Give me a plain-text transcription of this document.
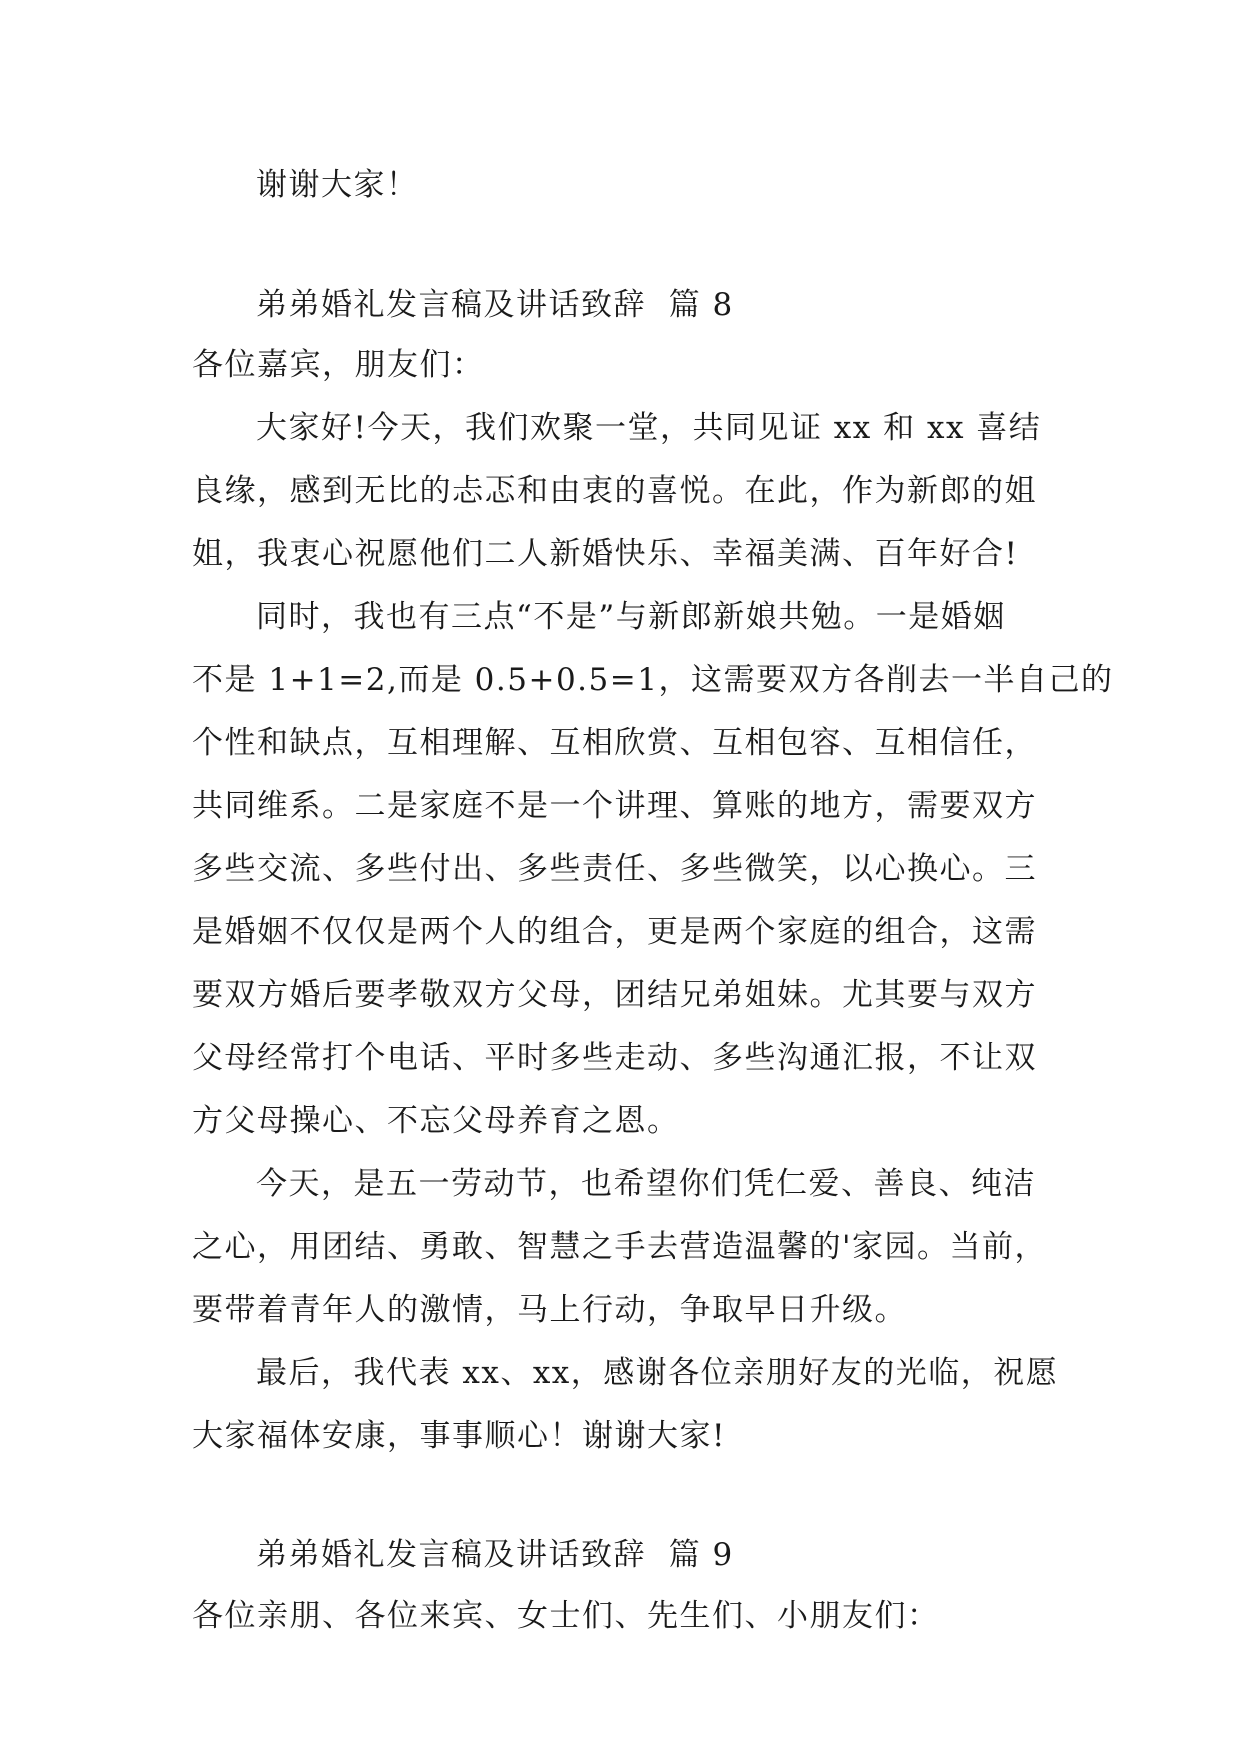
谢谢大家！
弟弟婚礼发言稿及讲话致辞  篇 8
各位嘉宾，朋友们：
大家好!今天，我们欢聚一堂，共同见证 xx 和 xx 喜结
良缘，感到无比的忐忑和由衷的喜悦。在此，作为新郎的姐
姐，我衷心祝愿他们二人新婚快乐、幸福美满、百年好合!
同时，我也有三点“不是”与新郎新娘共勉。一是婚姻
不是 1+1=2,而是 0.5+0.5=1，这需要双方各削去一半自己的
个性和缺点，互相理解、互相欣赏、互相包容、互相信任，
共同维系。二是家庭不是一个讲理、算账的地方，需要双方
多些交流、多些付出、多些责任、多些微笑，以心换心。三
是婚姻不仅仅是两个人的组合，更是两个家庭的组合，这需
要双方婚后要孝敬双方父母，团结兄弟姐妹。尤其要与双方
父母经常打个电话、平时多些走动、多些沟通汇报，不让双
方父母操心、不忘父母养育之恩。
今天，是五一劳动节，也希望你们凭仁爱、善良、纯洁
之心，用团结、勇敢、智慧之手去营造温馨的'家园。当前，
要带着青年人的激情，马上行动，争取早日升级。
最后，我代表 xx、xx，感谢各位亲朋好友的光临，祝愿
大家福体安康，事事顺心！谢谢大家!
弟弟婚礼发言稿及讲话致辞  篇 9
各位亲朋、各位来宾、女士们、先生们、小朋友们：
